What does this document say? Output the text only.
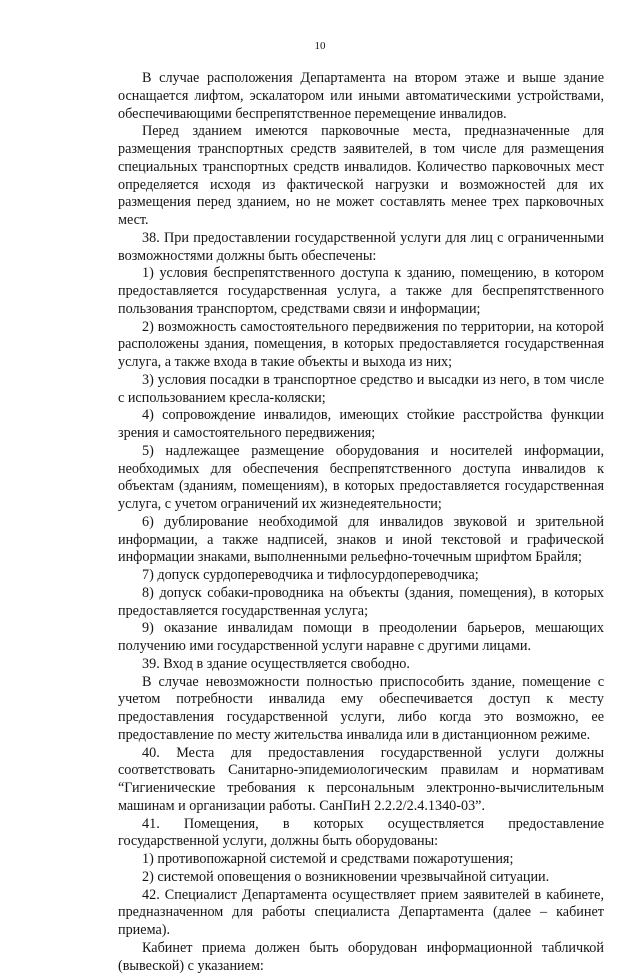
10

В случае расположения Департамента на втором этаже и выше здание оснащается лифтом, эскалатором или иными автоматическими устройствами, обеспечивающими беспрепятственное перемещение инвалидов.

Перед зданием имеются парковочные места, предназначенные для размещения транспортных средств заявителей, в том числе для размещения специальных транспортных средств инвалидов. Количество парковочных мест определяется исходя из фактической нагрузки и возможностей для их размещения перед зданием, но не может составлять менее трех парковочных мест.

38. При предоставлении государственной услуги для лиц с ограниченными возможностями должны быть обеспечены:

1) условия беспрепятственного доступа к зданию, помещению, в котором предоставляется государственная услуга, а также для беспрепятственного пользования транспортом, средствами связи и информации;

2) возможность самостоятельного передвижения по территории, на которой расположены здания, помещения, в которых предоставляется государственная услуга, а также входа в такие объекты и выхода из них;

3) условия посадки в транспортное средство и высадки из него, в том числе с использованием кресла-коляски;

4) сопровождение инвалидов, имеющих стойкие расстройства функции зрения и самостоятельного передвижения;

5) надлежащее размещение оборудования и носителей информации, необходимых для обеспечения беспрепятственного доступа инвалидов к объектам (зданиям, помещениям), в которых предоставляется государственная услуга, с учетом ограничений их жизнедеятельности;

6) дублирование необходимой для инвалидов звуковой и зрительной информации, а также надписей, знаков и иной текстовой и графической информации знаками, выполненными рельефно-точечным шрифтом Брайля;

7) допуск сурдопереводчика и тифлосурдопереводчика;

8) допуск собаки-проводника на объекты (здания, помещения), в которых предоставляется государственная услуга;

9) оказание инвалидам помощи в преодолении барьеров, мешающих получению ими государственной услуги наравне с другими лицами.

39. Вход в здание осуществляется свободно.

В случае невозможности полностью приспособить здание, помещение с учетом потребности инвалида ему обеспечивается доступ к месту предоставления государственной услуги, либо когда это возможно, ее предоставление по месту жительства инвалида или в дистанционном режиме.

40. Места для предоставления государственной услуги должны соответствовать Санитарно-эпидемиологическим правилам и нормативам “Гигиенические требования к персональным электронно-вычислительным машинам и организации работы. СанПиН 2.2.2/2.4.1340-03”.

41. Помещения, в которых осуществляется предоставление государственной услуги, должны быть оборудованы:

1) противопожарной системой и средствами пожаротушения;

2) системой оповещения о возникновении чрезвычайной ситуации.

42. Специалист Департамента осуществляет прием заявителей в кабинете, предназначенном для работы специалиста Департамента (далее – кабинет приема).

Кабинет приема должен быть оборудован информационной табличкой (вывеской) с указанием:
